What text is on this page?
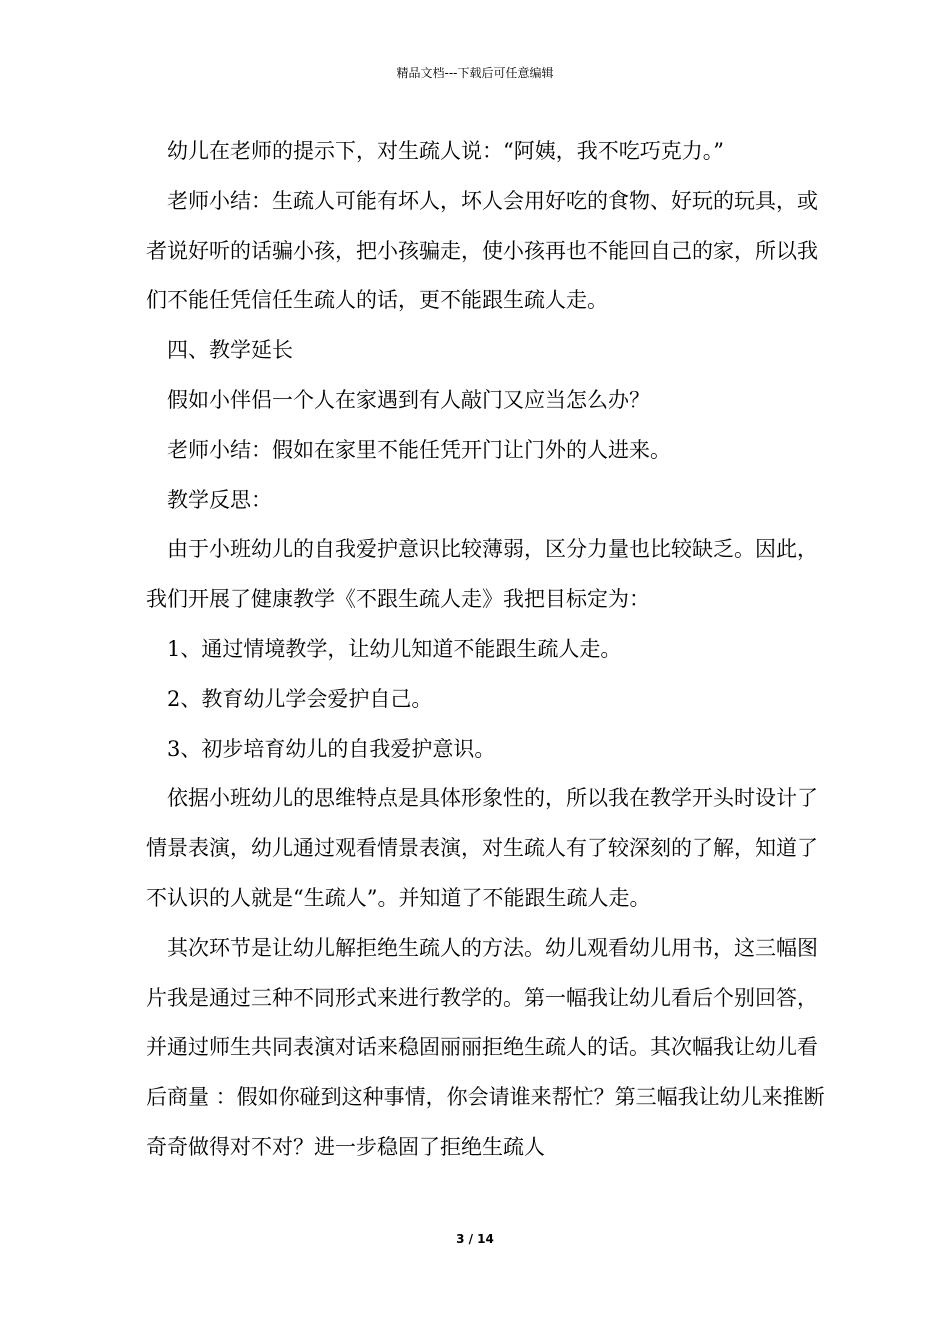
精品文档---下载后可任意编辑

幼儿在老师的提示下，对生疏人说：“阿姨，我不吃巧克力。”

老师小结：生疏人可能有坏人，坏人会用好吃的食物、好玩的玩具，或者说好听的话骗小孩，把小孩骗走，使小孩再也不能回自己的家，所以我们不能任凭信任生疏人的话，更不能跟生疏人走。

四、教学延长

假如小伴侣一个人在家遇到有人敲门又应当怎么办？

老师小结：假如在家里不能任凭开门让门外的人进来。

教学反思：

由于小班幼儿的自我爱护意识比较薄弱，区分力量也比较缺乏。因此，我们开展了健康教学《不跟生疏人走》我把目标定为：

1、通过情境教学，让幼儿知道不能跟生疏人走。

2、教育幼儿学会爱护自己。

3、初步培育幼儿的自我爱护意识。

依据小班幼儿的思维特点是具体形象性的，所以我在教学开头时设计了情景表演，幼儿通过观看情景表演，对生疏人有了较深刻的了解，知道了不认识的人就是“生疏人”。并知道了不能跟生疏人走。

其次环节是让幼儿解拒绝生疏人的方法。幼儿观看幼儿用书，这三幅图片我是通过三种不同形式来进行教学的。第一幅我让幼儿看后个别回答，并通过师生共同表演对话来稳固丽丽拒绝生疏人的话。其次幅我让幼儿看后商量 ：假如你碰到这种事情，你会请谁来帮忙？第三幅我让幼儿来推断奇奇做得对不对？进一步稳固了拒绝生疏人

3 / 14
